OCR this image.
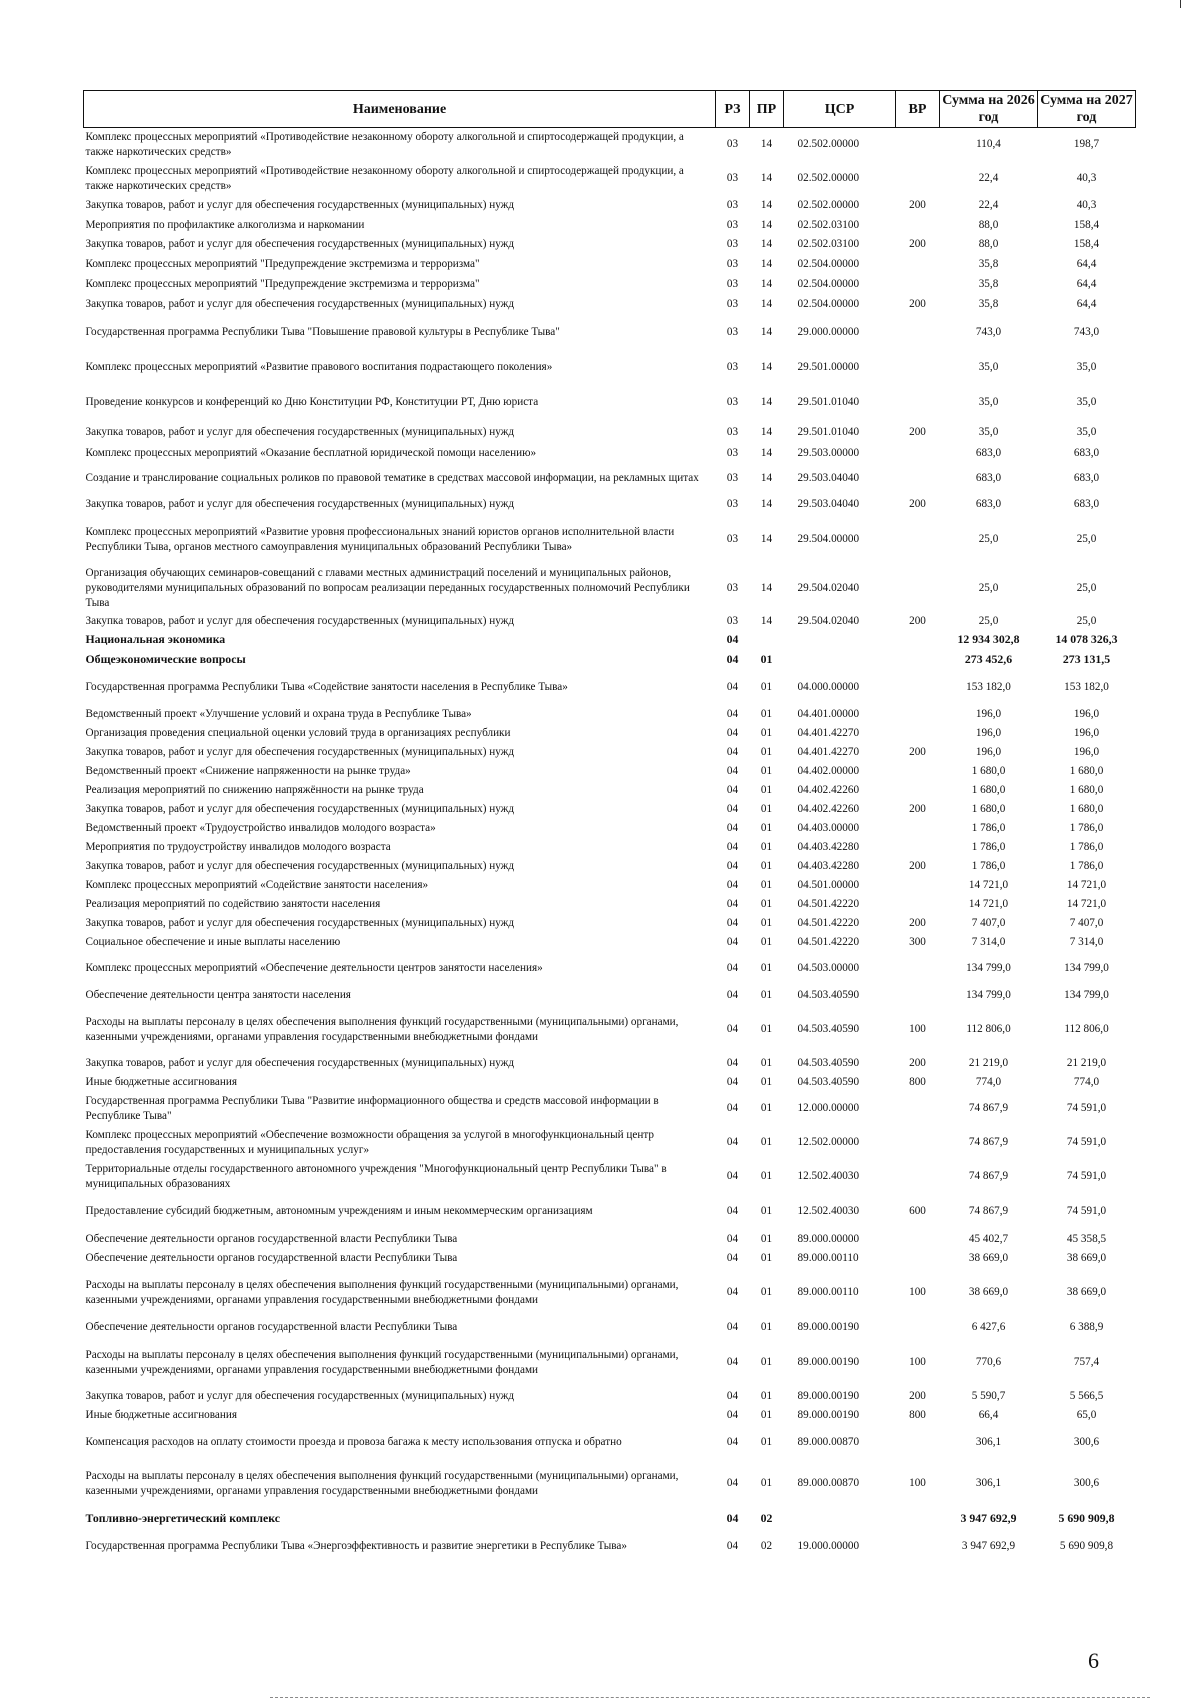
Наименование	РЗ	ПР	ЦСР	ВР	Сумма на 2026 год	Сумма на 2027 год
Комплекс процессных мероприятий «Противодействие незаконному обороту алкогольной и спиртосодержащей продукции, а также наркотических средств»	03	14	02.502.00000		110,4	198,7
Комплекс процессных мероприятий «Противодействие незаконному обороту алкогольной и спиртосодержащей продукции, а также наркотических средств»	03	14	02.502.00000		22,4	40,3
Закупка товаров, работ и услуг для обеспечения государственных (муниципальных) нужд	03	14	02.502.00000	200	22,4	40,3
Мероприятия по профилактике алкоголизма и наркомании	03	14	02.502.03100		88,0	158,4
Закупка товаров, работ и услуг для обеспечения государственных (муниципальных) нужд	03	14	02.502.03100	200	88,0	158,4
Комплекс процессных мероприятий "Предупреждение экстремизма и терроризма"	03	14	02.504.00000		35,8	64,4
Комплекс процессных мероприятий "Предупреждение экстремизма и терроризма"	03	14	02.504.00000		35,8	64,4
Закупка товаров, работ и услуг для обеспечения государственных (муниципальных) нужд	03	14	02.504.00000	200	35,8	64,4
Государственная программа Республики Тыва "Повышение правовой культуры в Республике Тыва"	03	14	29.000.00000		743,0	743,0
Комплекс процессных мероприятий «Развитие правового воспитания подрастающего поколения»	03	14	29.501.00000		35,0	35,0
Проведение конкурсов и конференций ко Дню Конституции РФ, Конституции РТ, Дню юриста	03	14	29.501.01040		35,0	35,0
Закупка товаров, работ и услуг для обеспечения государственных (муниципальных) нужд	03	14	29.501.01040	200	35,0	35,0
Комплекс процессных мероприятий «Оказание бесплатной юридической помощи населению»	03	14	29.503.00000		683,0	683,0
Создание и транслирование социальных роликов по правовой тематике в средствах массовой информации, на рекламных щитах	03	14	29.503.04040		683,0	683,0
Закупка товаров, работ и услуг для обеспечения государственных (муниципальных) нужд	03	14	29.503.04040	200	683,0	683,0
Комплекс процессных мероприятий «Развитие уровня профессиональных знаний юристов органов исполнительной власти Республики Тыва, органов местного самоуправления муниципальных образований Республики Тыва»	03	14	29.504.00000		25,0	25,0
Организация обучающих семинаров-совещаний с главами местных администраций поселений и муниципальных районов, руководителями муниципальных образований по вопросам реализации переданных государственных полномочий Республики Тыва	03	14	29.504.02040		25,0	25,0
Закупка товаров, работ и услуг для обеспечения государственных (муниципальных) нужд	03	14	29.504.02040	200	25,0	25,0
Национальная экономика	04				12 934 302,8	14 078 326,3
Общеэкономические вопросы	04	01			273 452,6	273 131,5
Государственная программа Республики Тыва «Содействие занятости населения в Республике Тыва»	04	01	04.000.00000		153 182,0	153 182,0
Ведомственный проект «Улучшение условий и охрана труда в Республике Тыва»	04	01	04.401.00000		196,0	196,0
Организация проведения специальной оценки условий труда в организациях республики	04	01	04.401.42270		196,0	196,0
Закупка товаров, работ и услуг для обеспечения государственных (муниципальных) нужд	04	01	04.401.42270	200	196,0	196,0
Ведомственный проект «Снижение напряженности на рынке труда»	04	01	04.402.00000		1 680,0	1 680,0
Реализация мероприятий по снижению напряжённости на рынке труда	04	01	04.402.42260		1 680,0	1 680,0
Закупка товаров, работ и услуг для обеспечения государственных (муниципальных) нужд	04	01	04.402.42260	200	1 680,0	1 680,0
Ведомственный проект «Трудоустройство инвалидов молодого возраста»	04	01	04.403.00000		1 786,0	1 786,0
Мероприятия по трудоустройству инвалидов молодого возраста	04	01	04.403.42280		1 786,0	1 786,0
Закупка товаров, работ и услуг для обеспечения государственных (муниципальных) нужд	04	01	04.403.42280	200	1 786,0	1 786,0
Комплекс процессных мероприятий «Содействие занятости населения»	04	01	04.501.00000		14 721,0	14 721,0
Реализация мероприятий по содействию занятости населения	04	01	04.501.42220		14 721,0	14 721,0
Закупка товаров, работ и услуг для обеспечения государственных (муниципальных) нужд	04	01	04.501.42220	200	7 407,0	7 407,0
Социальное обеспечение и иные выплаты населению	04	01	04.501.42220	300	7 314,0	7 314,0
Комплекс процессных мероприятий «Обеспечение деятельности центров занятости населения»	04	01	04.503.00000		134 799,0	134 799,0
Обеспечение деятельности центра занятости населения	04	01	04.503.40590		134 799,0	134 799,0
Расходы на выплаты персоналу в целях обеспечения выполнения функций государственными (муниципальными) органами, казенными учреждениями, органами управления государственными внебюджетными фондами	04	01	04.503.40590	100	112 806,0	112 806,0
Закупка товаров, работ и услуг для обеспечения государственных (муниципальных) нужд	04	01	04.503.40590	200	21 219,0	21 219,0
Иные бюджетные ассигнования	04	01	04.503.40590	800	774,0	774,0
Государственная программа Республики Тыва "Развитие информационного общества и средств массовой информации в Республике Тыва"	04	01	12.000.00000		74 867,9	74 591,0
Комплекс процессных мероприятий «Обеспечение возможности обращения за услугой в многофункциональный центр предоставления государственных и муниципальных услуг»	04	01	12.502.00000		74 867,9	74 591,0
Территориальные отделы государственного автономного учреждения "Многофункциональный центр Республики Тыва" в муниципальных образованиях	04	01	12.502.40030		74 867,9	74 591,0
Предоставление субсидий бюджетным, автономным учреждениям и иным некоммерческим организациям	04	01	12.502.40030	600	74 867,9	74 591,0
Обеспечение деятельности органов государственной власти Республики Тыва	04	01	89.000.00000		45 402,7	45 358,5
Обеспечение деятельности органов государственной власти Республики Тыва	04	01	89.000.00110		38 669,0	38 669,0
Расходы на выплаты персоналу в целях обеспечения выполнения функций государственными (муниципальными) органами, казенными учреждениями, органами управления государственными внебюджетными фондами	04	01	89.000.00110	100	38 669,0	38 669,0
Обеспечение деятельности органов государственной власти Республики Тыва	04	01	89.000.00190		6 427,6	6 388,9
Расходы на выплаты персоналу в целях обеспечения выполнения функций государственными (муниципальными) органами, казенными учреждениями, органами управления государственными внебюджетными фондами	04	01	89.000.00190	100	770,6	757,4
Закупка товаров, работ и услуг для обеспечения государственных (муниципальных) нужд	04	01	89.000.00190	200	5 590,7	5 566,5
Иные бюджетные ассигнования	04	01	89.000.00190	800	66,4	65,0
Компенсация расходов на оплату стоимости проезда и провоза багажа к месту использования отпуска и обратно	04	01	89.000.00870		306,1	300,6
Расходы на выплаты персоналу в целях обеспечения выполнения функций государственными (муниципальными) органами, казенными учреждениями, органами управления государственными внебюджетными фондами	04	01	89.000.00870	100	306,1	300,6
Топливно-энергетический комплекс	04	02			3 947 692,9	5 690 909,8
Государственная программа Республики Тыва «Энергоэффективность и развитие энергетики в Республике Тыва»	04	02	19.000.00000		3 947 692,9	5 690 909,8
6
